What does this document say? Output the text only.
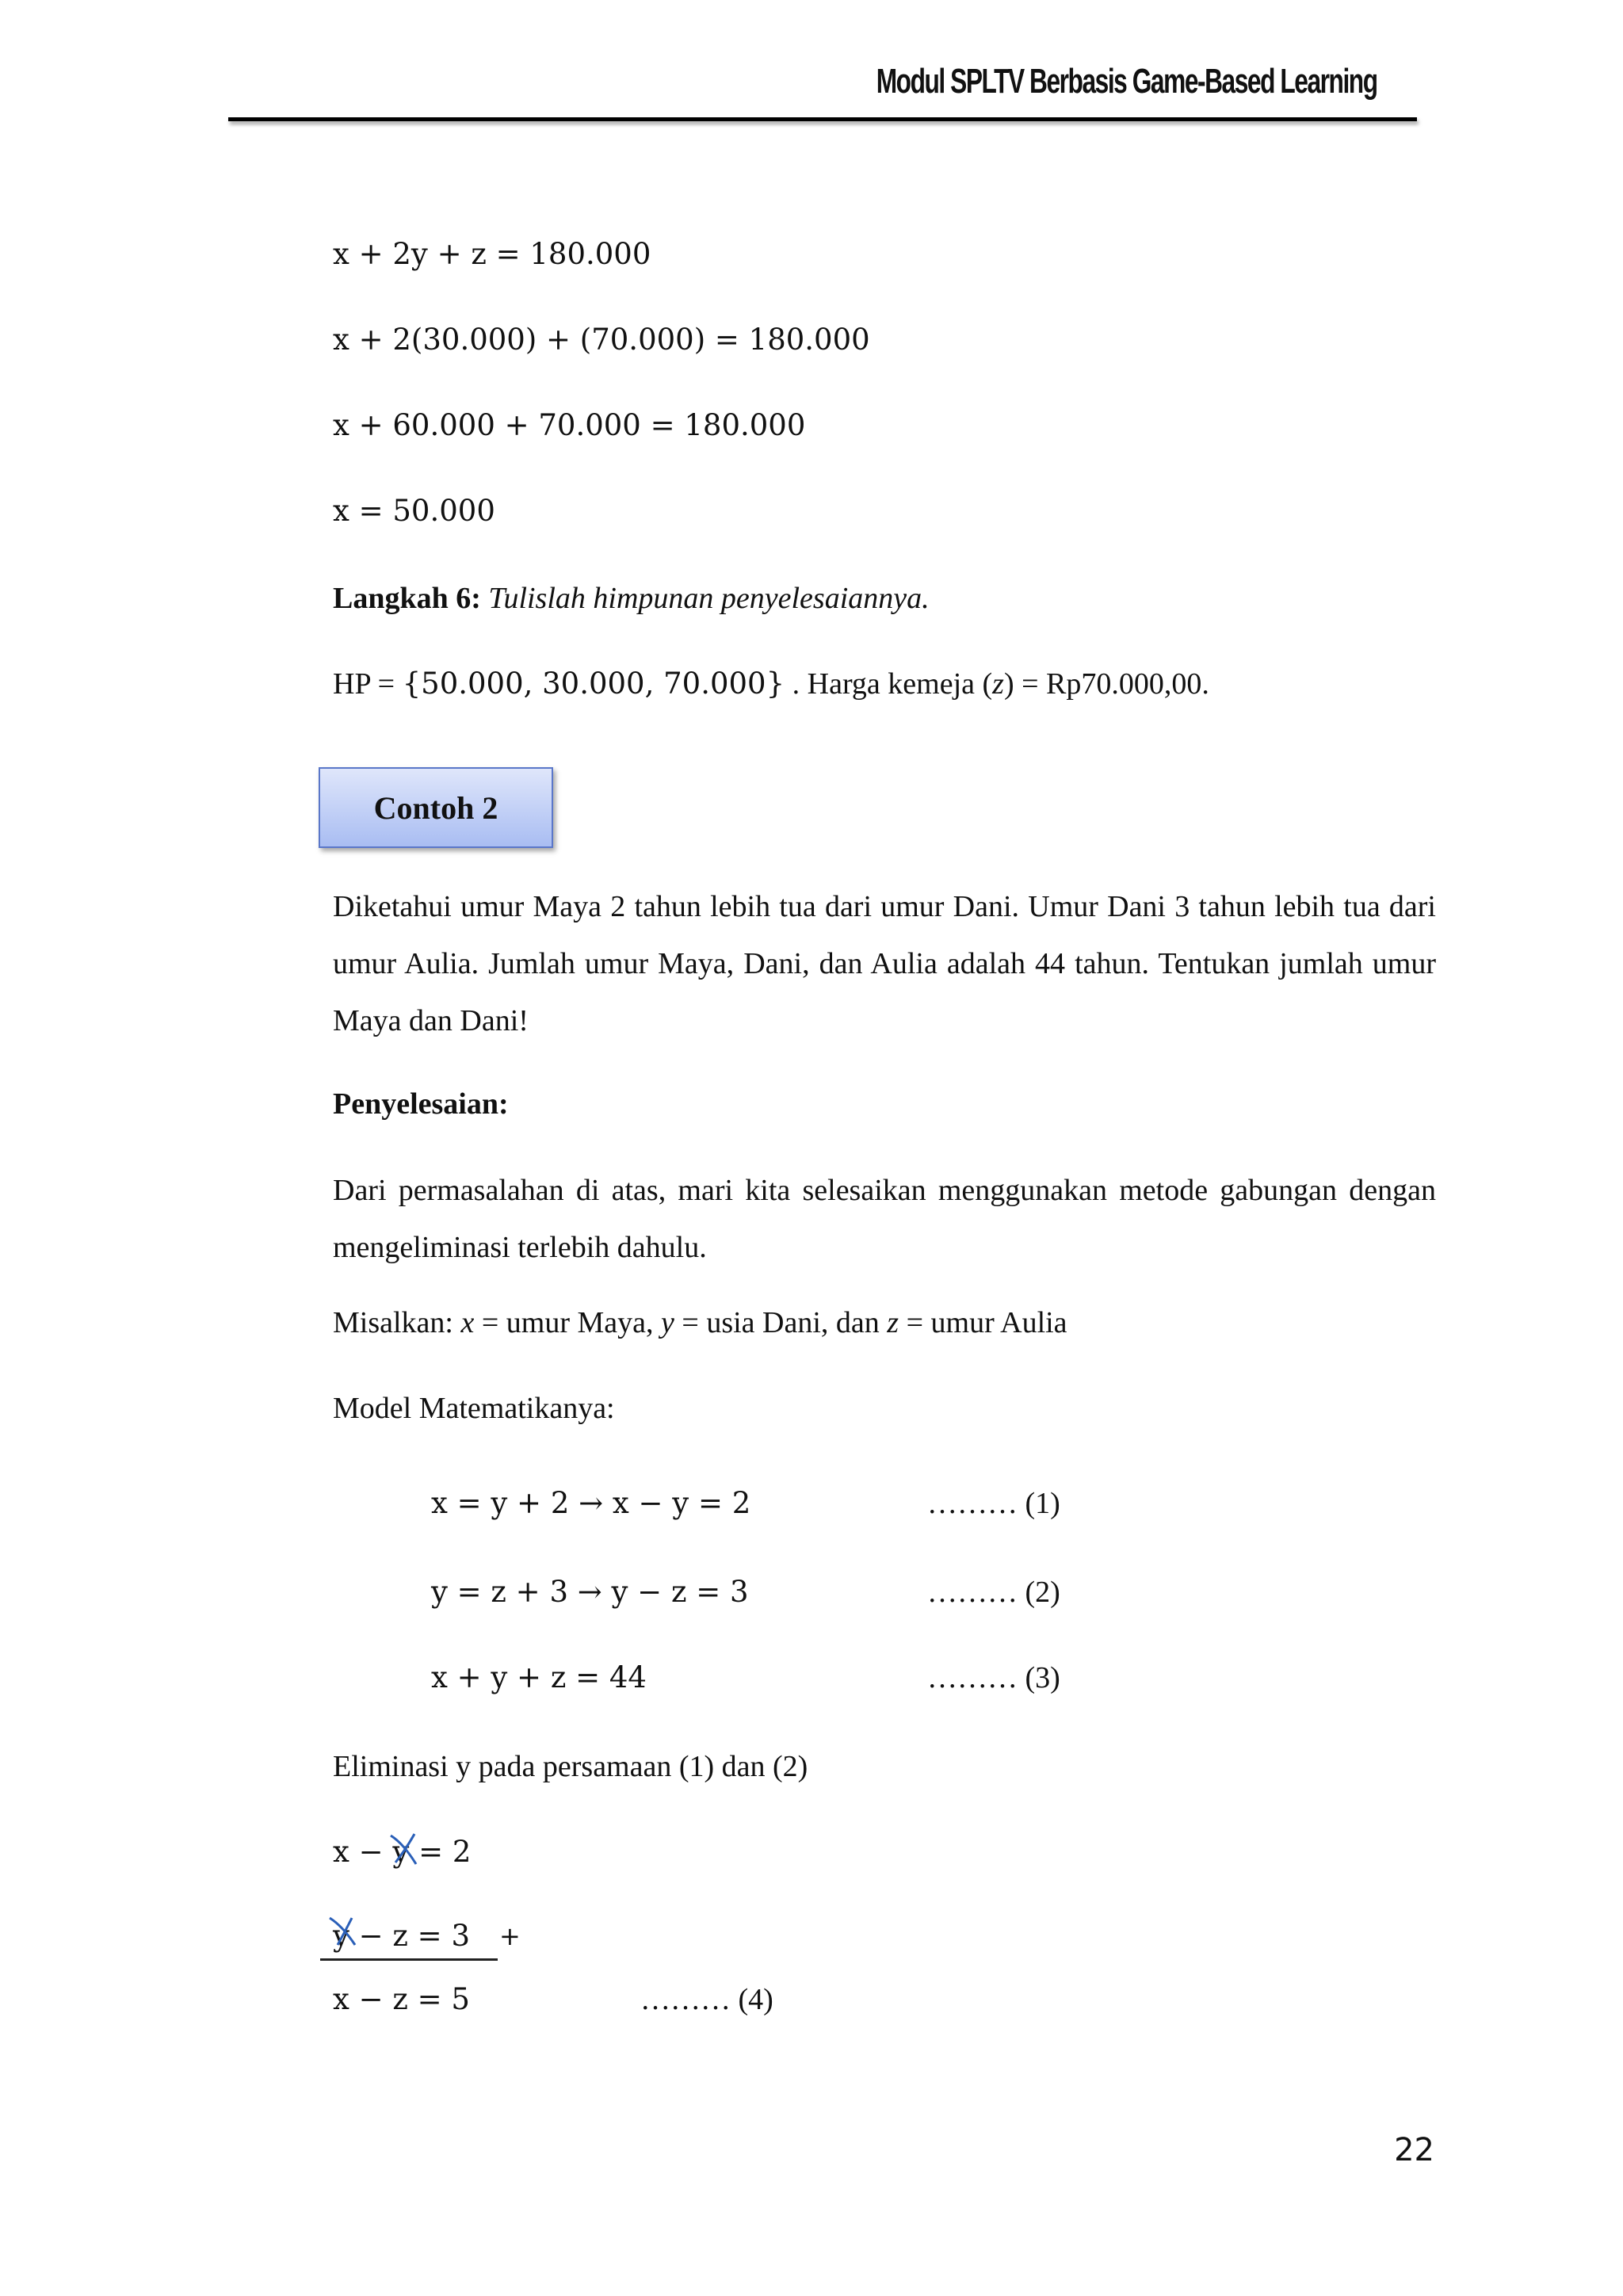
Modul SPLTV Berbasis Game-Based Learning
x + 2y + z = 180.000
x + 2(30.000) + (70.000) = 180.000
x + 60.000 + 70.000 = 180.000
x = 50.000
Langkah 6: Tulislah himpunan penyelesaiannya.
HP = {50.000, 30.000, 70.000} . Harga kemeja (z) = Rp70.000,00.
Contoh 2
Diketahui umur Maya 2 tahun lebih tua dari umur Dani. Umur Dani 3 tahun lebih tua dari umur Aulia. Jumlah umur Maya, Dani, dan Aulia adalah 44 tahun. Tentukan jumlah umur Maya dan Dani!
Penyelesaian:
Dari permasalahan di atas, mari kita selesaikan menggunakan metode gabungan dengan mengeliminasi terlebih dahulu.
Misalkan: x = umur Maya, y = usia Dani, dan z = umur Aulia
Model Matematikanya:
x = y + 2 → x − y = 2	……… (1)
y = z + 3 → y − z = 3	……… (2)
x + y + z = 44	……… (3)
Eliminasi y pada persamaan (1) dan (2)
x − y
= 2
y
− z = 3 +
x − z = 5	……… (4)
22
